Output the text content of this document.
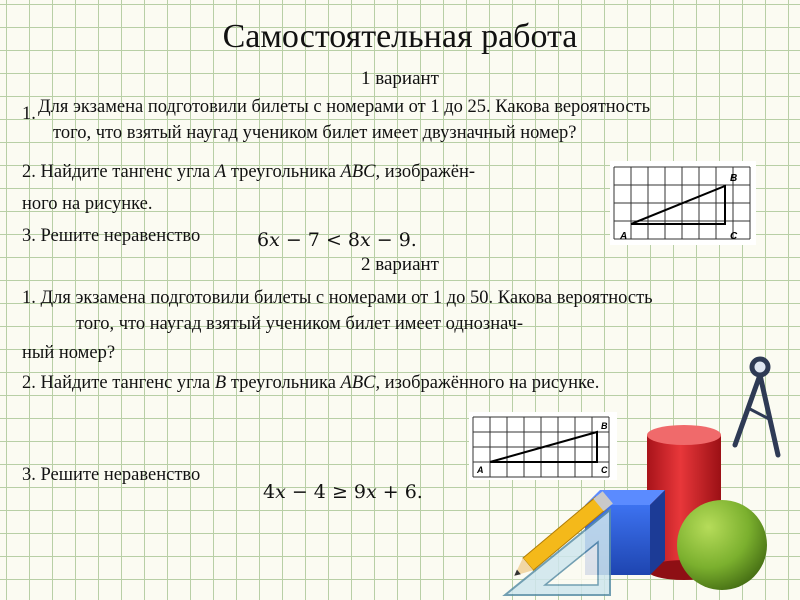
Самостоятельная работа
1 вариант
1. Для экзамена подготовили билеты с номерами от 1 до 25. Какова вероятность
того, что взятый наугад учеником билет имеет двузначный номер?
2. Найдите тангенс угла A треугольника ABC, изображён-
ного на рисунке.
3. Решите неравенство	6x − 7 < 8x − 9.	A
B
C
2 вариант
1. Для экзамена подготовили билеты с номерами от 1 до 50. Какова вероятность
того, что наугад взятый учеником билет имеет однознач-
ный номер?
2. Найдите тангенс угла B треугольника ABC, изображённого на рисунке.
3. Решите неравенство
4x − 4 ≥ 9x + 6.
A
B
C
